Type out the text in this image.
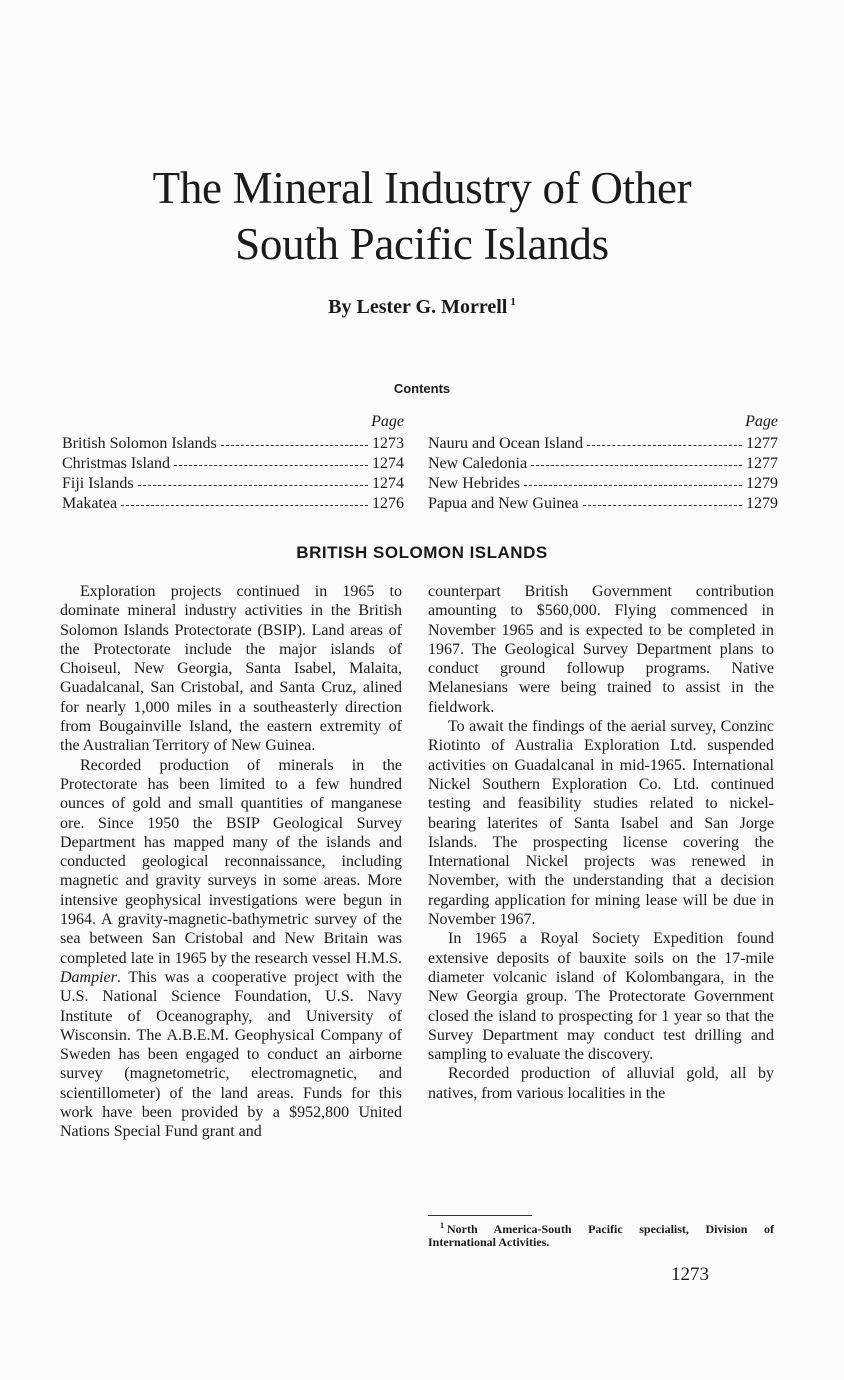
The Mineral Industry of Other
South Pacific Islands
By Lester G. Morrell $^1$
Contents
Page
British Solomon Islands	1273
Christmas Island	1274
Fiji Islands	1274
Makatea	1276
Page
Nauru and Ocean Island	1277
New Caledonia	1277
New Hebrides	1279
Papua and New Guinea	1279
BRITISH SOLOMON ISLANDS

Exploration projects continued in 1965 to dominate mineral industry activities in the British Solomon Islands Protectorate (BSIP). Land areas of the Protectorate include the major islands of Choiseul, New Georgia, Santa Isabel, Malaita, Guadalcanal, San Cristobal, and Santa Cruz, alined for nearly 1,000 miles in a southeasterly direction from Bougainville Island, the eastern extremity of the Australian Territory of New Guinea.

Recorded production of minerals in the Protectorate has been limited to a few hundred ounces of gold and small quantities of manganese ore. Since 1950 the BSIP Geological Survey Department has mapped many of the islands and conducted geological reconnaissance, including magnetic and gravity surveys in some areas. More intensive geophysical investigations were begun in 1964. A gravity-magnetic-bathymetric survey of the sea between San Cristobal and New Britain was completed late in 1965 by the research vessel H.M.S. Dampier. This was a cooperative project with the U.S. National Science Foundation, U.S. Navy Institute of Oceanography, and University of Wisconsin. The A.B.E.M. Geophysical Company of Sweden has been engaged to conduct an airborne survey (magnetometric, electromagnetic, and scientillometer) of the land areas. Funds for this work have been provided by a $952,800 United Nations Special Fund grant and

counterpart British Government contribution amounting to $560,000. Flying commenced in November 1965 and is expected to be completed in 1967. The Geological Survey Department plans to conduct ground followup programs. Native Melanesians were being trained to assist in the fieldwork.

To await the findings of the aerial survey, Conzinc Riotinto of Australia Exploration Ltd. suspended activities on Guadalcanal in mid-1965. International Nickel Southern Exploration Co. Ltd. continued testing and feasibility studies related to nickel-bearing laterites of Santa Isabel and San Jorge Islands. The prospecting license covering the International Nickel projects was renewed in November, with the understanding that a decision regarding application for mining lease will be due in November 1967.

In 1965 a Royal Society Expedition found extensive deposits of bauxite soils on the 17-mile diameter volcanic island of Kolombangara, in the New Georgia group. The Protectorate Government closed the island to prospecting for 1 year so that the Survey Department may conduct test drilling and sampling to evaluate the discovery.

Recorded production of alluvial gold, all by natives, from various localities in the

$^1$ North America-South Pacific specialist, Division of International Activities.
1273
